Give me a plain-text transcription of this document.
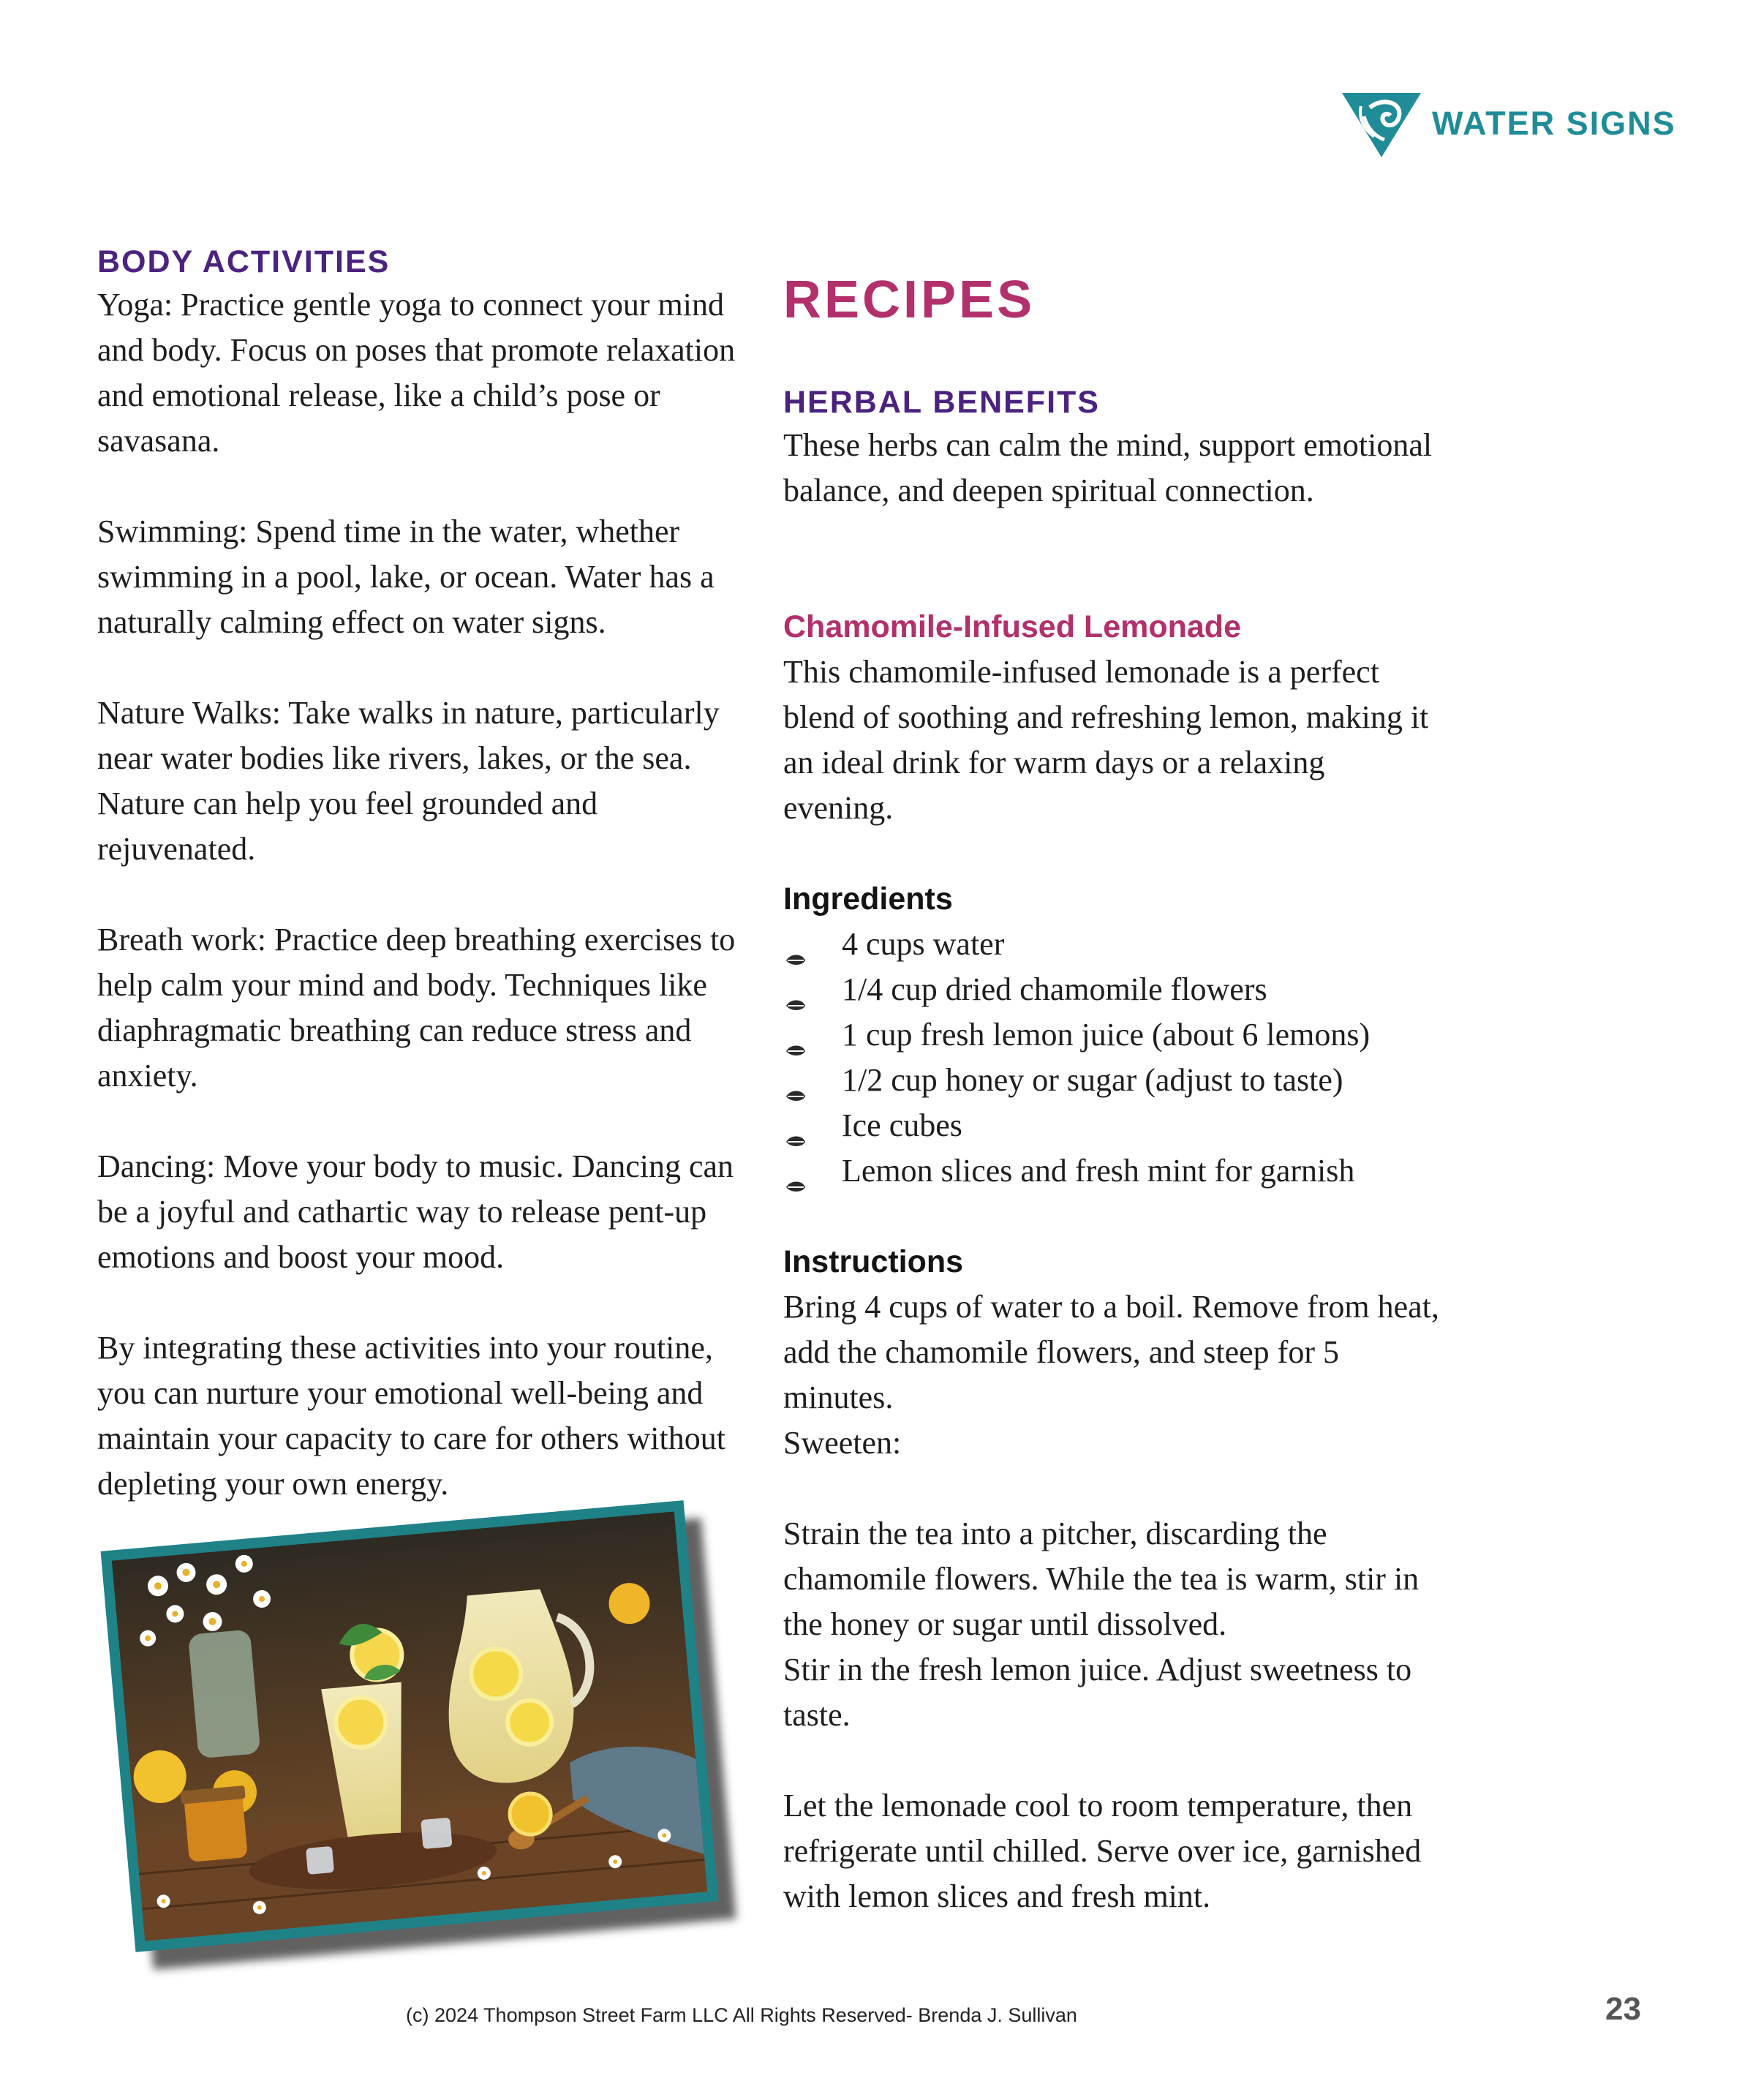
WATER SIGNS
BODY ACTIVITIES

Yoga: Practice gentle yoga to connect your mind and body. Focus on poses that promote relaxation and emotional release, like a child’s pose or savasana.

Swimming: Spend time in the water, whether swimming in a pool, lake, or ocean. Water has a naturally calming effect on water signs.

Nature Walks: Take walks in nature, particularly near water bodies like rivers, lakes, or the sea. Nature can help you feel grounded and rejuvenated.

Breath work: Practice deep breathing exercises to help calm your mind and body. Techniques like diaphragmatic breathing can reduce stress and anxiety.

Dancing: Move your body to music. Dancing can be a joyful and cathartic way to release pent-up emotions and boost your mood.

By integrating these activities into your routine, you can nurture your emotional well-being and maintain your capacity to care for others without depleting your own energy.

RECIPES
HERBAL BENEFITS

These herbs can calm the mind, support emotional balance, and deepen spiritual connection.

Chamomile-Infused Lemonade

This chamomile-infused lemonade is a perfect blend of soothing and refreshing lemon, making it an ideal drink for warm days or a relaxing evening.

Ingredients
4 cups water
1/4 cup dried chamomile flowers
1 cup fresh lemon juice (about 6 lemons)
1/2 cup honey or sugar (adjust to taste)
Ice cubes
Lemon slices and fresh mint for garnish
Instructions

Bring 4 cups of water to a boil. Remove from heat, add the chamomile flowers, and steep for 5 minutes.

Sweeten:

Strain the tea into a pitcher, discarding the chamomile flowers. While the tea is warm, stir in the honey or sugar until dissolved.

Stir in the fresh lemon juice. Adjust sweetness to taste.

Let the lemonade cool to room temperature, then refrigerate until chilled. Serve over ice, garnished with lemon slices and fresh mint.

(c) 2024 Thompson Street Farm LLC All Rights Reserved- Brenda J. Sullivan	23
